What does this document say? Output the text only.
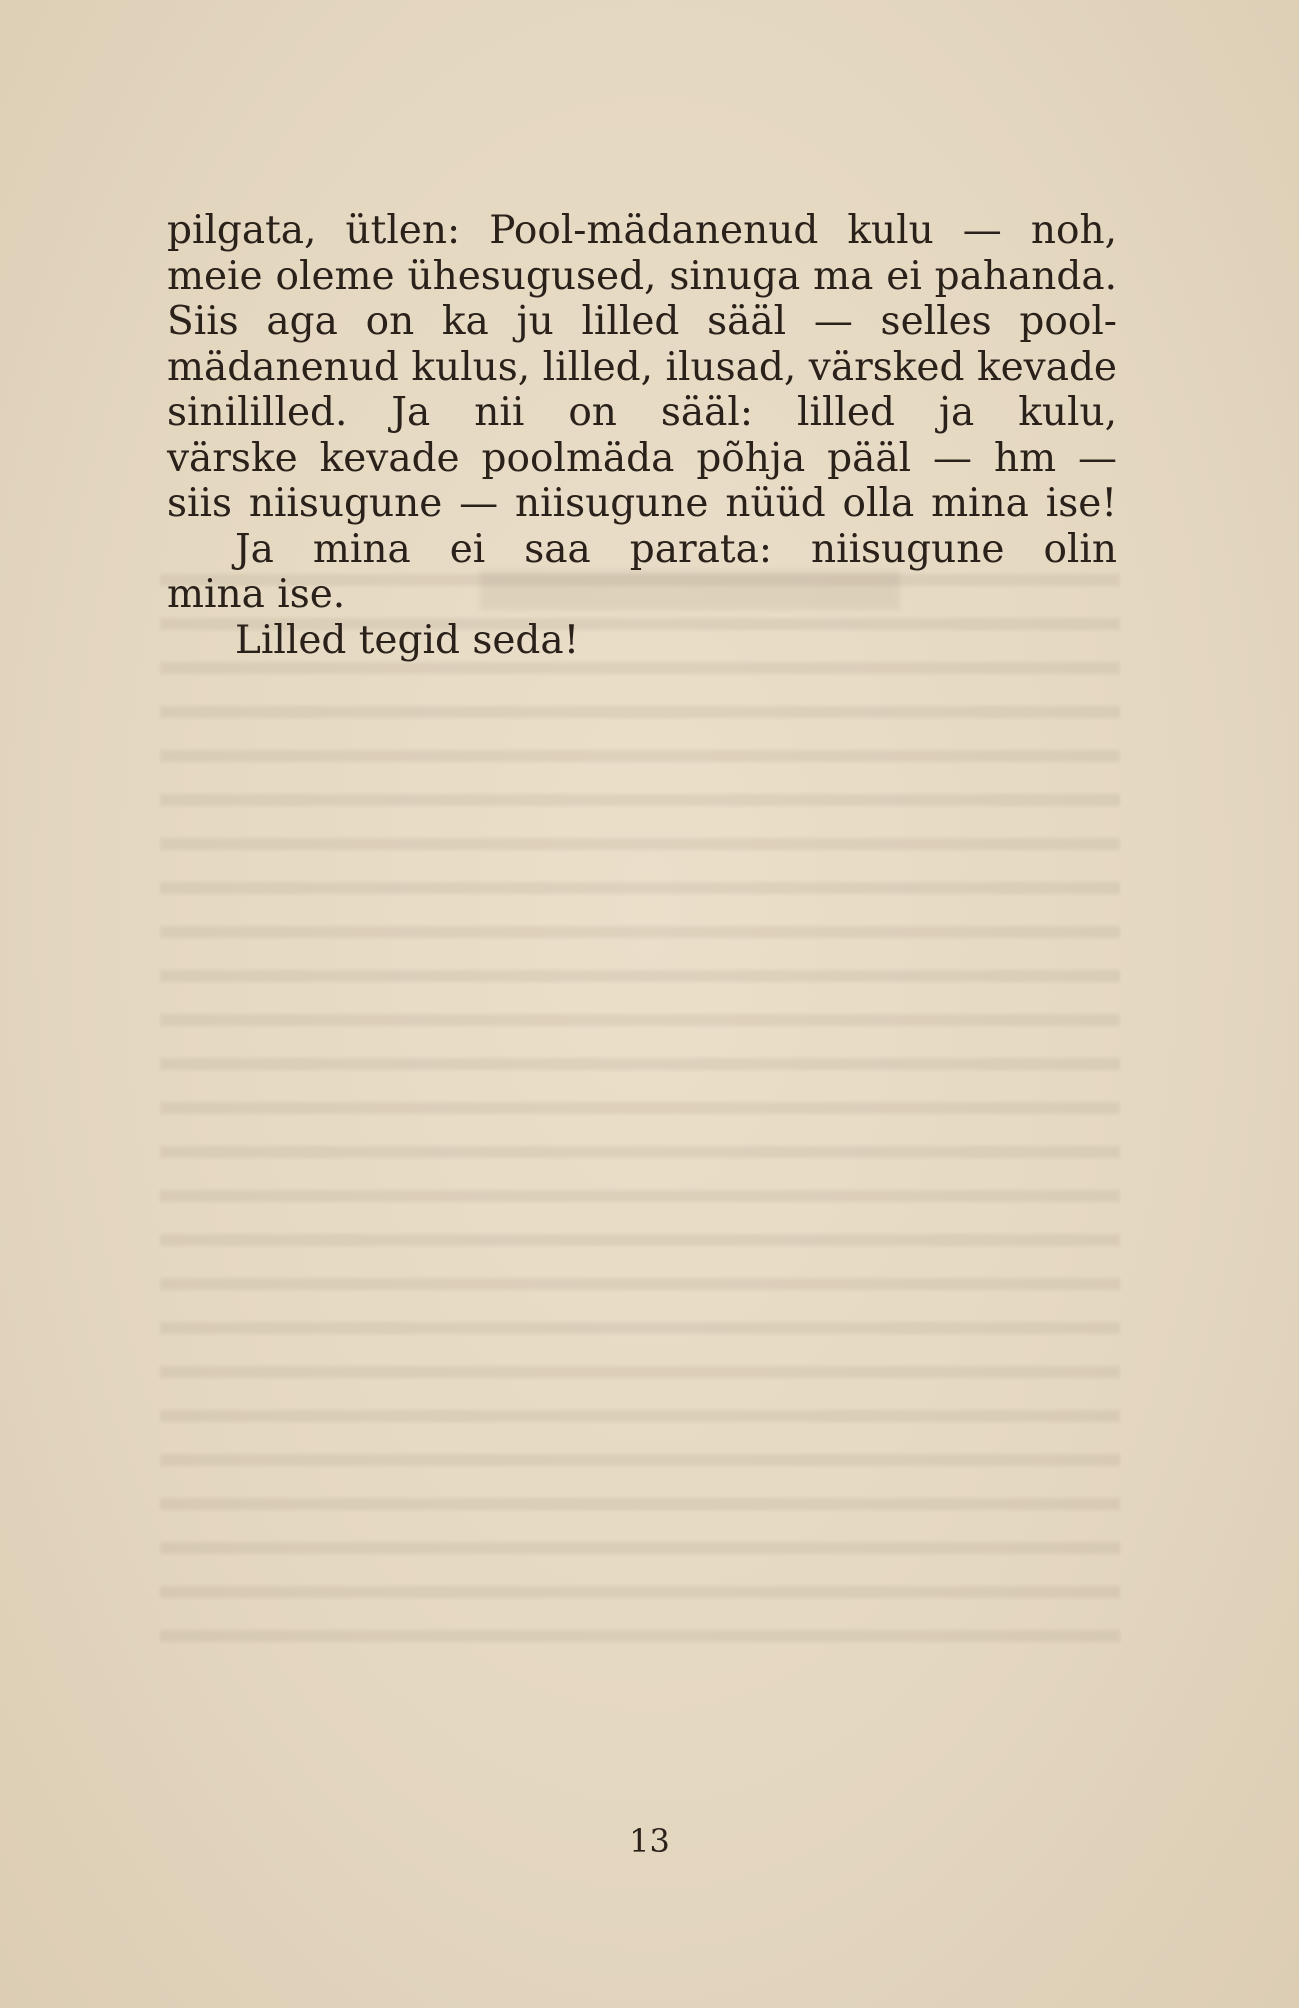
pilgata, ütlen: Pool-mädanenud kulu — noh,
meie oleme ühesugused, sinuga ma ei pahanda.
Siis aga on ka ju lilled sääl — selles pool-
mädanenud kulus, lilled, ilusad, värsked kevade
sinililled. Ja nii on sääl: lilled ja kulu,
värske kevade poolmäda põhja pääl — hm —
siis niisugune — niisugune nüüd olla mina ise!
Ja mina ei saa parata: niisugune olin
mina ise.
Lilled tegid seda!
13
